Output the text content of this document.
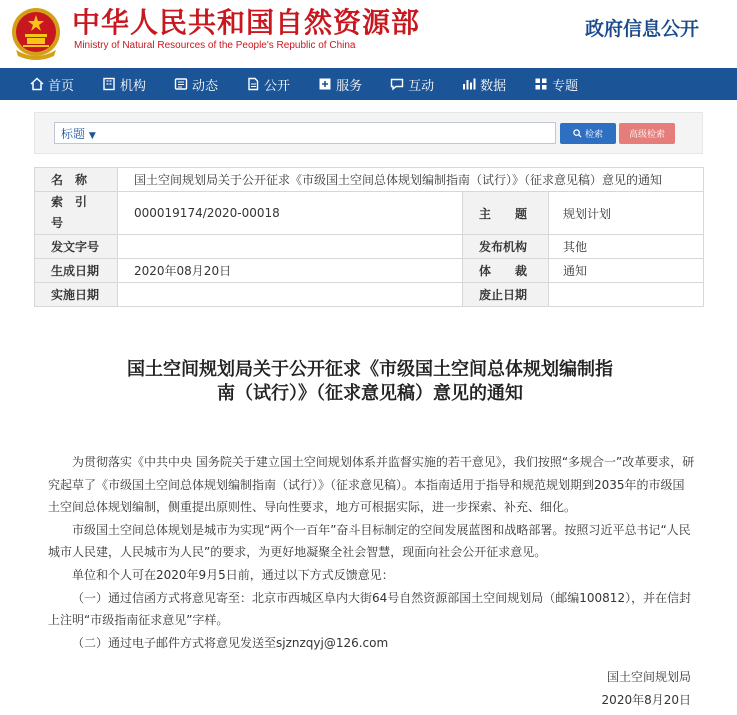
中华人民共和国自然资源部
Ministry of Natural Resources of the People's Republic of China
政府信息公开
首页	机构	动态	公开	服务	互动	数据	专题
标题 ▼	检索	高级检索
名　称	国土空间规划局关于公开征求《市级国土空间总体规划编制指南（试行）》（征求意见稿）意见的通知		
索　引　号	000019174/2020-00018	主　　题	规划计划
发文字号		发布机构	其他
生成日期	2020年08月20日	体　　裁	通知
实施日期		废止日期	
国土空间规划局关于公开征求《市级国土空间总体规划编制指南（试行）》（征求意见稿）意见的通知

为贯彻落实《中共中央 国务院关于建立国土空间规划体系并监督实施的若干意见》，我们按照“多规合一”改革要求，研究起草了《市级国土空间总体规划编制指南（试行）》（征求意见稿）。本指南适用于指导和规范规划期到2035年的市级国土空间总体规划编制，侧重提出原则性、导向性要求，地方可根据实际，进一步探索、补充、细化。

市级国土空间总体规划是城市为实现“两个一百年”奋斗目标制定的空间发展蓝图和战略部署。按照习近平总书记“人民城市人民建，人民城市为人民”的要求，为更好地凝聚全社会智慧，现面向社会公开征求意见。

单位和个人可在2020年9月5日前，通过以下方式反馈意见：

（一）通过信函方式将意见寄至：北京市西城区阜内大街64号自然资源部国土空间规划局（邮编100812），并在信封上注明“市级指南征求意见”字样。

（二）通过电子邮件方式将意见发送至sjznzqyj@126.com

国土空间规划局
2020年8月20日
